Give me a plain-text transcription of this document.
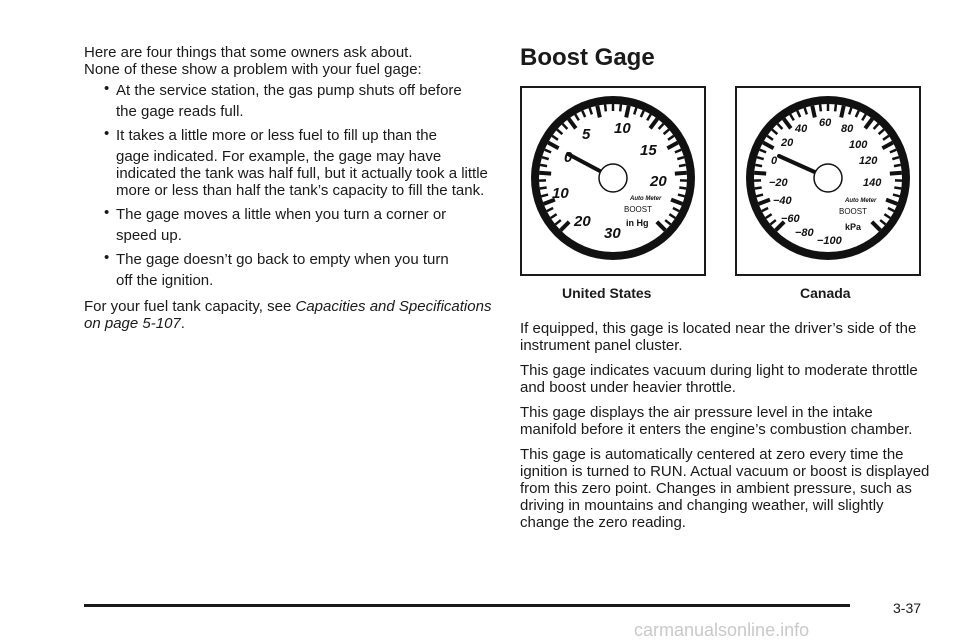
Here are four things that some owners ask about.
None of these show a problem with your fuel gage:

• At the service station, the gas pump shuts off before
the gage reads full.
• It takes a little more or less fuel to fill up than the
gage indicated. For example, the gage may have indicated the tank was half full, but it actually took a little more or less than half the tank’s capacity to fill the tank.
• The gage moves a little when you turn a corner or
speed up.
• The gage doesn’t go back to empty when you turn
off the ignition.

For your fuel tank capacity, see Capacities and Specifications on page 5-107.

Boost Gage
0
5 10
15
20
10
20
30
Auto Meter
BOOST
in Hg
0
20
40 60 80
100
120
140
−20
−40
−60
−80
−100
Auto Meter
BOOST
kPa
United States	Canada

If equipped, this gage is located near the driver’s side of the instrument panel cluster.

This gage indicates vacuum during light to moderate throttle and boost under heavier throttle.

This gage displays the air pressure level in the intake manifold before it enters the engine’s combustion chamber.

This gage is automatically centered at zero every time the ignition is turned to RUN. Actual vacuum or boost is displayed from this zero point. Changes in ambient pressure, such as driving in mountains and changing weather, will slightly change the zero reading.

3-37
carmanualsonline.info
